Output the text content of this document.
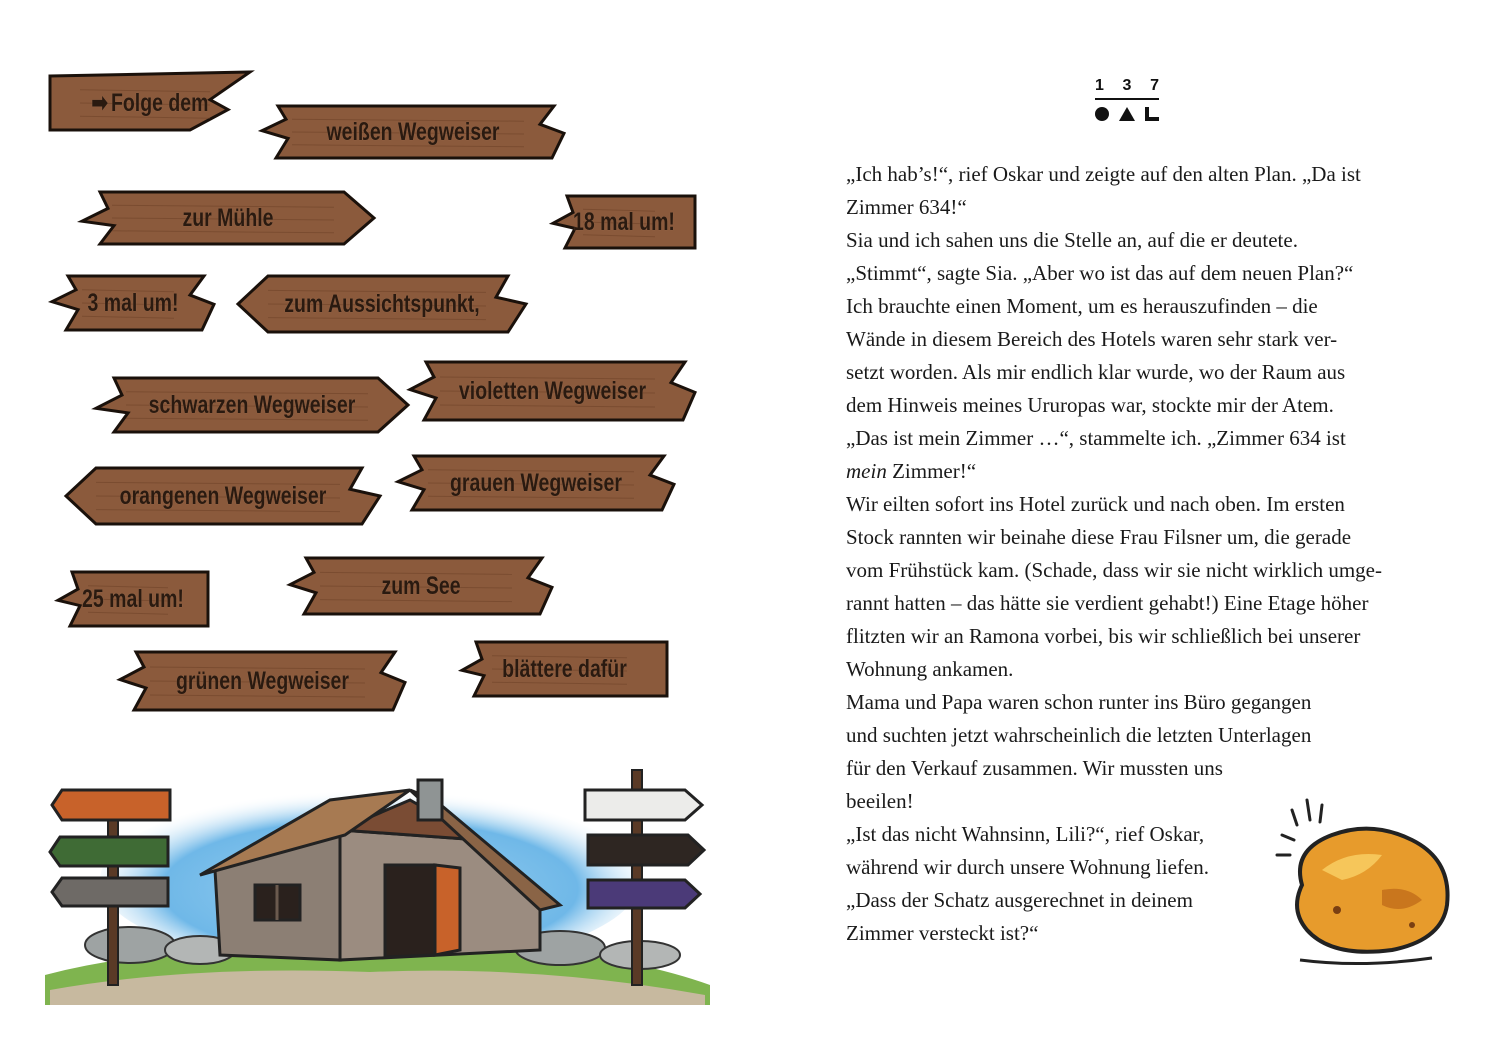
➡ Folge dem
weißen Wegweiser
zur Mühle	18 mal um!
3 mal um!	zum Aussichtspunkt,
schwarzen Wegweiser	violetten Wegweiser
orangenen Wegweiser	grauen Wegweiser
25 mal um!	zum See
grünen Wegweiser	blättere dafür
1 3 7
„Ich hab’s!“, rief Oskar und zeigte auf den alten Plan. „Da ist
Zimmer 634!“
Sia und ich sahen uns die Stelle an, auf die er deutete.
„Stimmt“, sagte Sia. „Aber wo ist das auf dem neuen Plan?“
Ich brauchte einen Moment, um es herauszufinden – die
Wände in diesem Bereich des Hotels waren sehr stark ver-
setzt worden. Als mir endlich klar wurde, wo der Raum aus
dem Hinweis meines Ururopas war, stockte mir der Atem.
„Das ist mein Zimmer …“, stammelte ich. „Zimmer 634 ist
mein Zimmer!“
Wir eilten sofort ins Hotel zurück und nach oben. Im ersten
Stock rannten wir beinahe diese Frau Filsner um, die gerade
vom Frühstück kam. (Schade, dass wir sie nicht wirklich umge-
rannt hatten – das hätte sie verdient gehabt!) Eine Etage höher
flitzten wir an Ramona vorbei, bis wir schließlich bei unserer
Wohnung ankamen.
Mama und Papa waren schon runter ins Büro gegangen
und suchten jetzt wahrscheinlich die letzten Unterlagen
für den Verkauf zusammen. Wir mussten uns
beeilen!
„Ist das nicht Wahnsinn, Lili?“, rief Oskar,
während wir durch unsere Wohnung liefen.
„Dass der Schatz ausgerechnet in deinem
Zimmer versteckt ist?“
